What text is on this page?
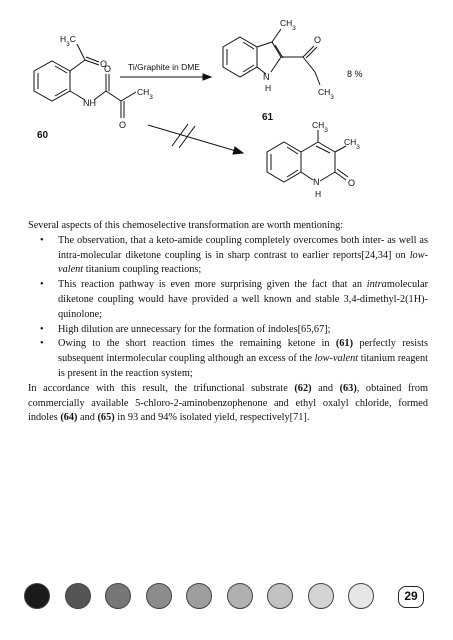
$H_3C$
O
NH
O
O
$CH_3$
60
Ti/Graphite in DME
$CH_3$
N
H
O
$CH_3$
8 %
61
$CH_3$
$CH_3$
N
H
O

Several aspects of this chemoselective transformation are worth mentioning:

• The observation, that a keto-amide coupling completely overcomes both inter- as well as intra-molecular diketone coupling is in sharp contrast to earlier reports[24,34] on low-valent titanium coupling reactions;
• This reaction pathway is even more surprising given the fact that an intramolecular diketone coupling would have provided a well known and stable 3,4-dimethyl-2(1H)-quinolone;
• High dilution are unnecessary for the formation of indoles[65,67];
• Owing to the short reaction times the remaining ketone in (61) perfectly resists subsequent intermolecular coupling although an excess of the low-valent titanium reagent is present in the reaction system;

In accordance with this result, the trifunctional substrate (62) and (63), obtained from commercially available 5-chloro-2-aminobenzophenone and ethyl oxalyl chloride, formed indoles (64) and (65) in 93 and 94% isolated yield, respectively[71].

29
